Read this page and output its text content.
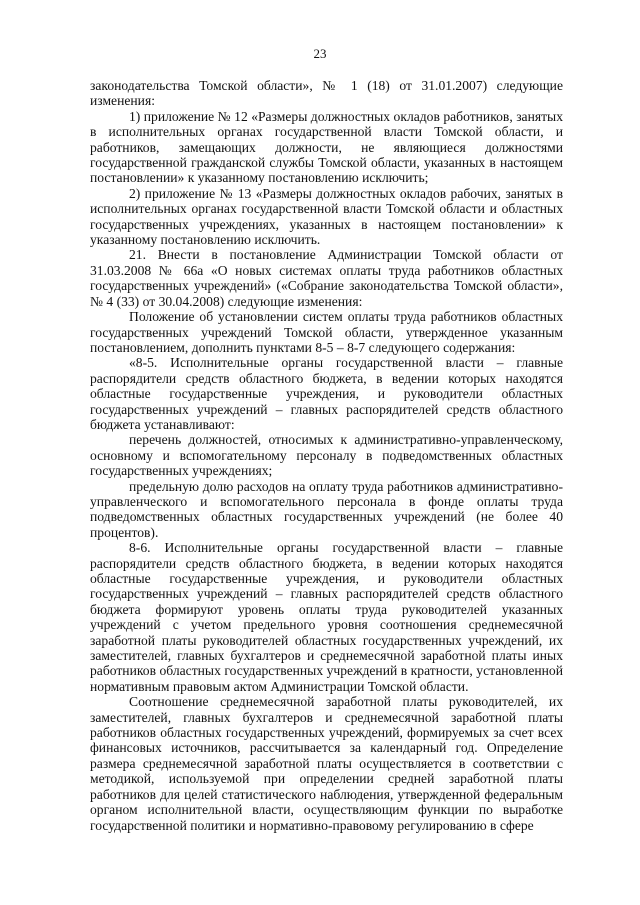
23

законодательства Томской области», № 1 (18) от 31.01.2007) следующие изменения:

1) приложение № 12 «Размеры должностных окладов работников, занятых в исполнительных органах государственной власти Томской области, и работников, замещающих должности, не являющиеся должностями государственной гражданской службы Томской области, указанных в настоящем постановлении» к указанному постановлению исключить;

2) приложение № 13 «Размеры должностных окладов рабочих, занятых в исполнительных органах государственной власти Томской области и областных государственных учреждениях, указанных в настоящем постановлении» к указанному постановлению исключить.

21. Внести в постановление Администрации Томской области от 31.03.2008 № 66а «О новых системах оплаты труда работников областных государственных учреждений» («Собрание законодательства Томской области», № 4 (33) от 30.04.2008) следующие изменения:

Положение об установлении систем оплаты труда работников областных государственных учреждений Томской области, утвержденное указанным постановлением, дополнить пунктами 8-5 – 8-7 следующего содержания:

«8-5. Исполнительные органы государственной власти – главные распорядители средств областного бюджета, в ведении которых находятся областные государственные учреждения, и руководители областных государственных учреждений – главных распорядителей средств областного бюджета устанавливают:

перечень должностей, относимых к административно-управленческому, основному и вспомогательному персоналу в подведомственных областных государственных учреждениях;

предельную долю расходов на оплату труда работников административно-управленческого и вспомогательного персонала в фонде оплаты труда подведомственных областных государственных учреждений (не более 40 процентов).

8-6. Исполнительные органы государственной власти – главные распорядители средств областного бюджета, в ведении которых находятся областные государственные учреждения, и руководители областных государственных учреждений – главных распорядителей средств областного бюджета формируют уровень оплаты труда руководителей указанных учреждений с учетом предельного уровня соотношения среднемесячной заработной платы руководителей областных государственных учреждений, их заместителей, главных бухгалтеров и среднемесячной заработной платы иных работников областных государственных учреждений в кратности, установленной нормативным правовым актом Администрации Томской области.

Соотношение среднемесячной заработной платы руководителей, их заместителей, главных бухгалтеров и среднемесячной заработной платы работников областных государственных учреждений, формируемых за счет всех финансовых источников, рассчитывается за календарный год. Определение размера среднемесячной заработной платы осуществляется в соответствии с методикой, используемой при определении средней заработной платы работников для целей статистического наблюдения, утвержденной федеральным органом исполнительной власти, осуществляющим функции по выработке государственной политики и нормативно-правовому регулированию в сфере
